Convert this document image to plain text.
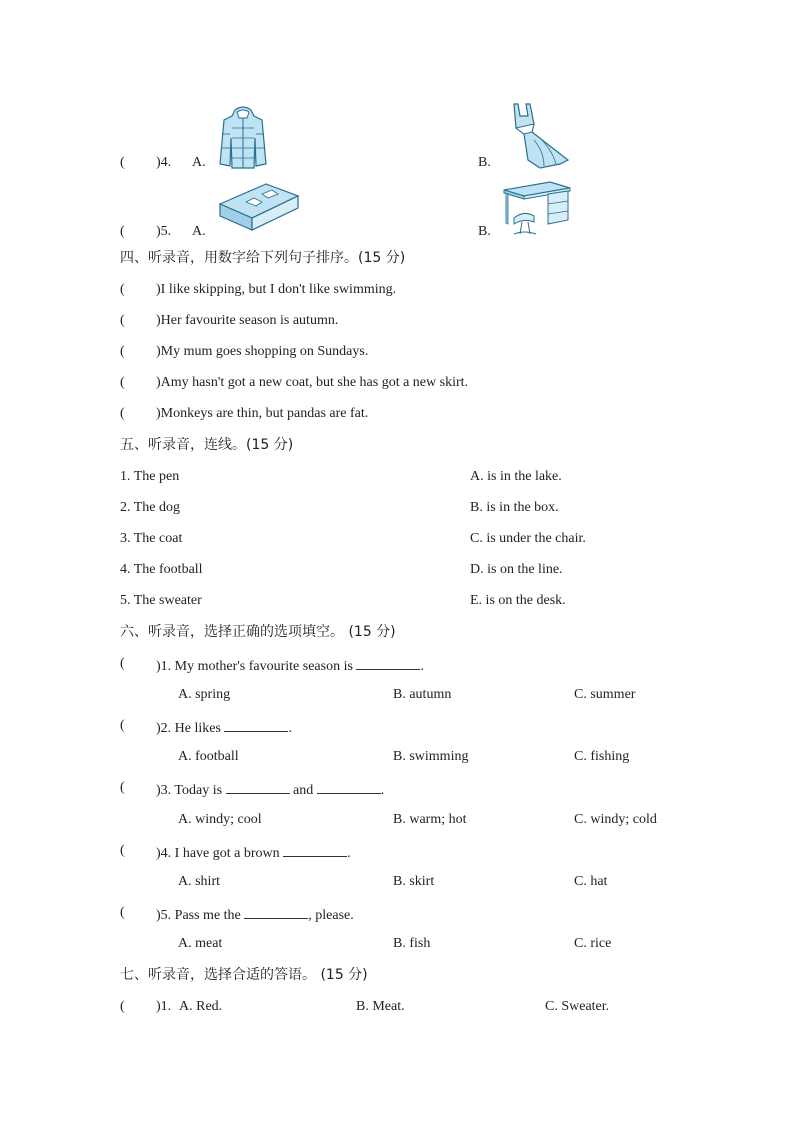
( )4. A.	B.
( )5. A.	B.
四、听录音，用数字给下列句子排序。(15 分)
( )I like skipping, but I don't like swimming.
( )Her favourite season is autumn.
( )My mum goes shopping on Sundays.
( )Amy hasn't got a new coat, but she has got a new skirt.
( )Monkeys are thin, but pandas are fat.
五、听录音，连线。(15 分)
1. The pen	A. is in the lake.
2. The dog	B. is in the box.
3. The coat	C. is under the chair.
4. The football	D. is on the line.
5. The sweater	E. is on the desk.
六、听录音，选择正确的选项填空。 (15 分)
( )1. My mother's favourite season is	.
A. spring	B. autumn	C. summer
( )2. He likes	.
A. football	B. swimming	C. fishing
( )3. Today is	and	.
A. windy; cool	B. warm; hot	C. windy; cold
( )4. I have got a brown	.
A. shirt	B. skirt	C. hat
( )5. Pass me the	, please.
A. meat	B. fish	C. rice
七、听录音，选择合适的答语。 (15 分)
( )1. A. Red.	B. Meat.	C. Sweater.
